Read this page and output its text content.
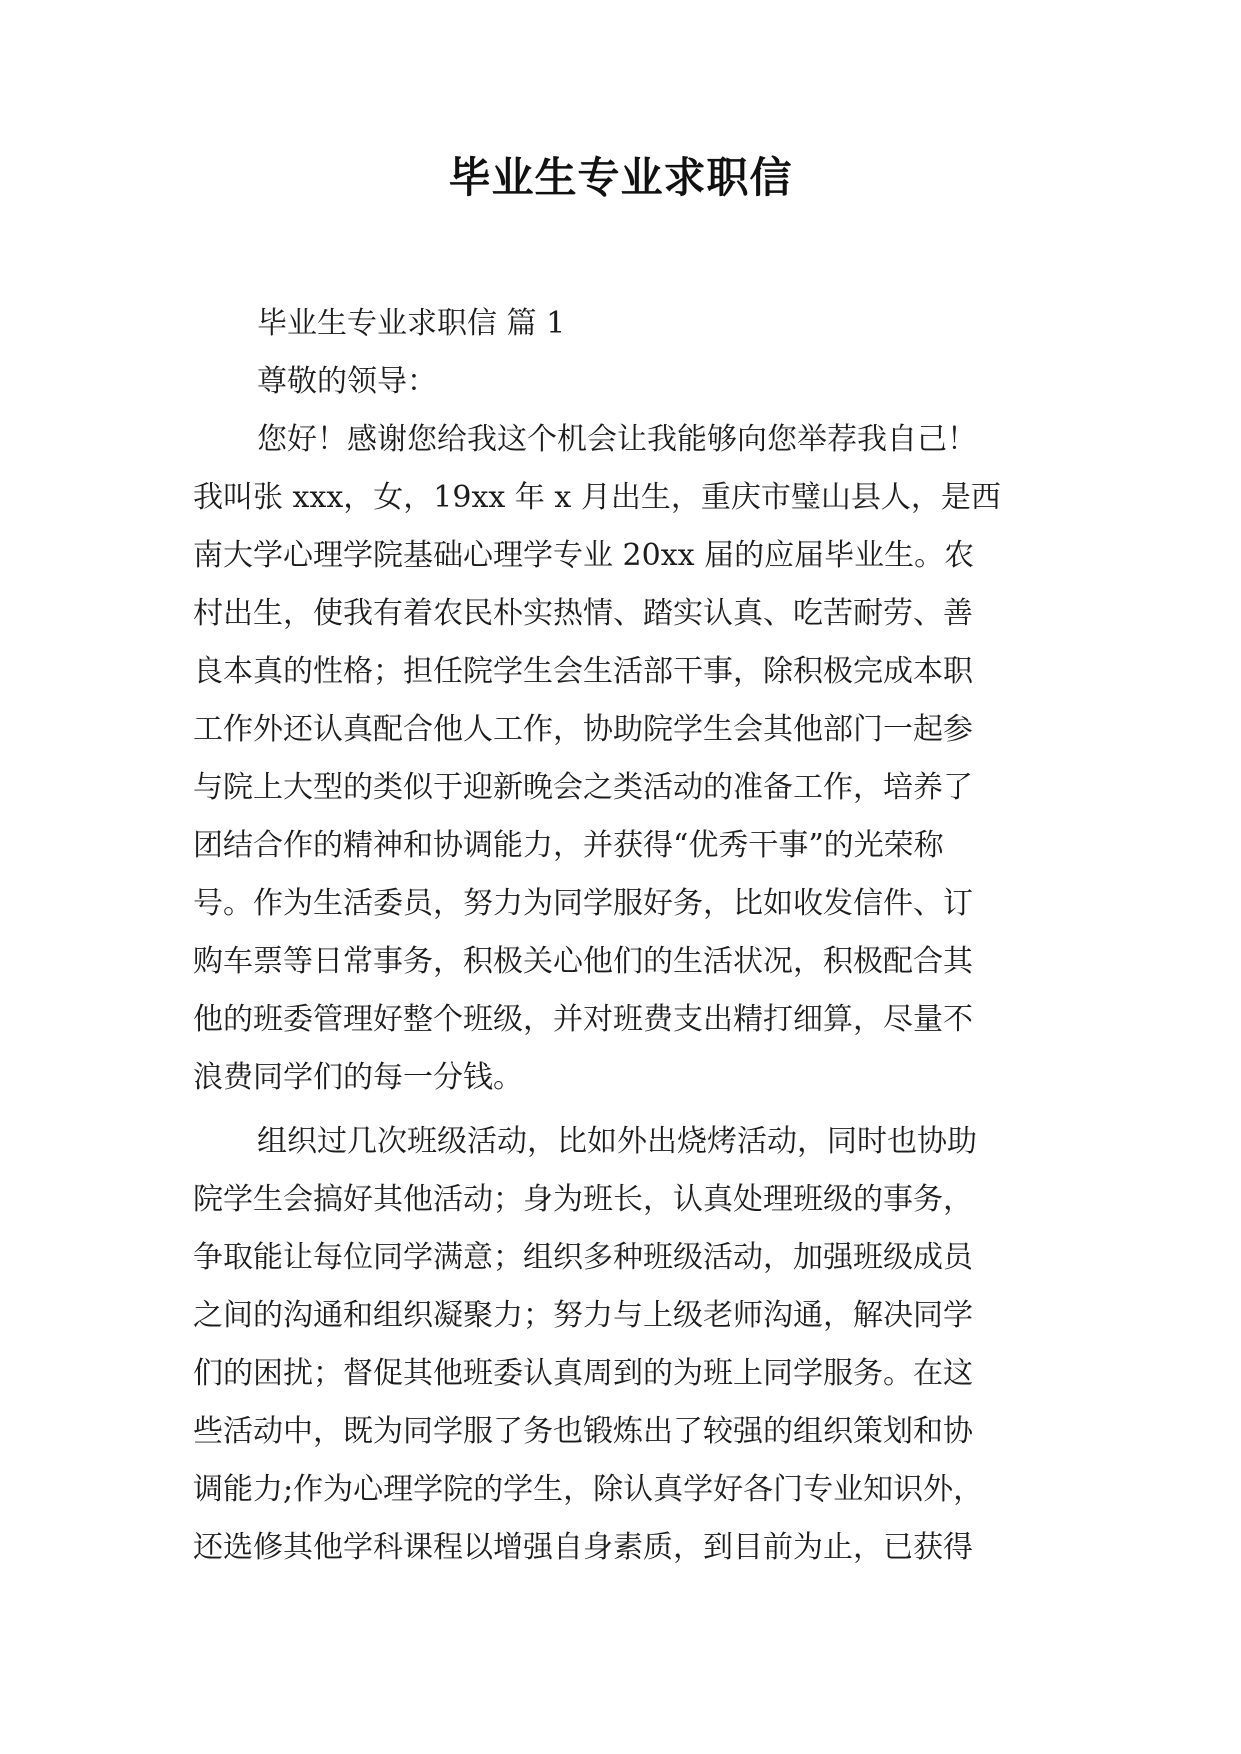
毕业生专业求职信
毕业生专业求职信 篇 1
尊敬的领导：
您好！感谢您给我这个机会让我能够向您举荐我自己！
我叫张 xxx，女，19xx 年 x 月出生，重庆市璧山县人，是西
南大学心理学院基础心理学专业 20xx 届的应届毕业生。农
村出生，使我有着农民朴实热情、踏实认真、吃苦耐劳、善
良本真的性格；担任院学生会生活部干事，除积极完成本职
工作外还认真配合他人工作，协助院学生会其他部门一起参
与院上大型的类似于迎新晚会之类活动的准备工作，培养了
团结合作的精神和协调能力，并获得“优秀干事”的光荣称
号。作为生活委员，努力为同学服好务，比如收发信件、订
购车票等日常事务，积极关心他们的生活状况，积极配合其
他的班委管理好整个班级，并对班费支出精打细算，尽量不
浪费同学们的每一分钱。
组织过几次班级活动，比如外出烧烤活动，同时也协助
院学生会搞好其他活动；身为班长，认真处理班级的事务，
争取能让每位同学满意；组织多种班级活动，加强班级成员
之间的沟通和组织凝聚力；努力与上级老师沟通，解决同学
们的困扰；督促其他班委认真周到的为班上同学服务。在这
些活动中，既为同学服了务也锻炼出了较强的组织策划和协
调能力;作为心理学院的学生，除认真学好各门专业知识外，
还选修其他学科课程以增强自身素质，到目前为止，已获得
